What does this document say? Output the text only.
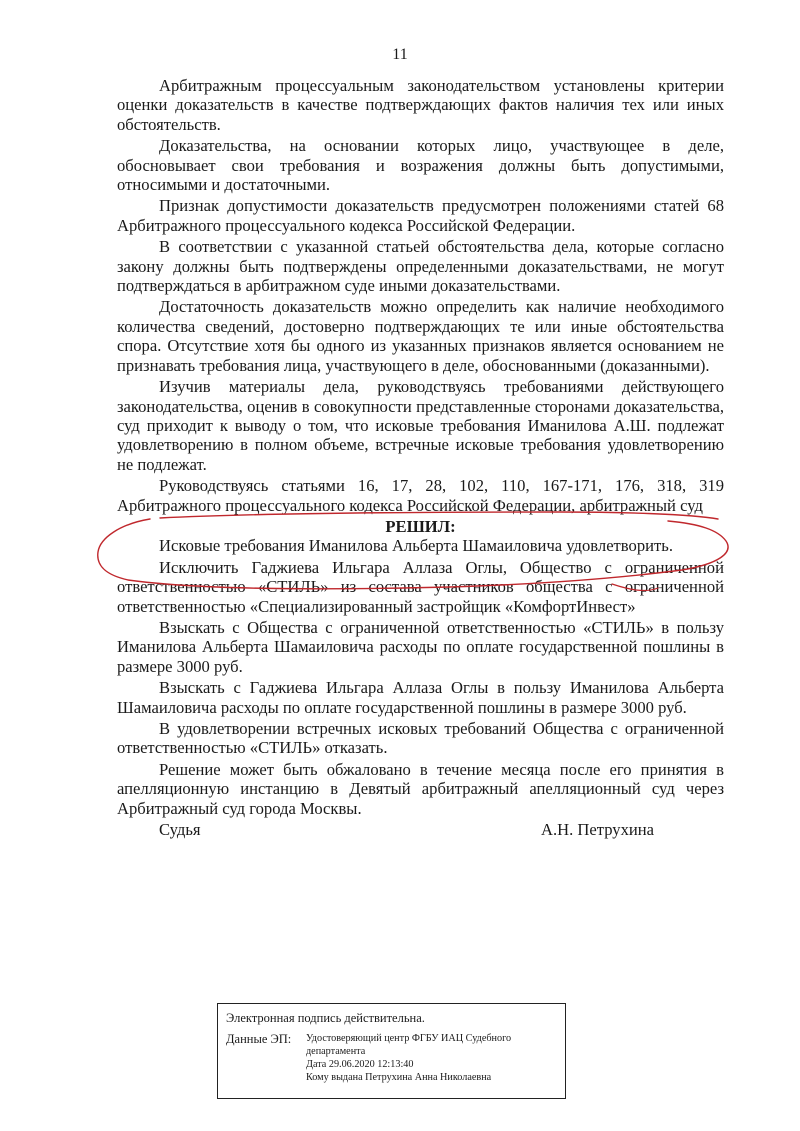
11

Арбитражным процессуальным законодательством установлены критерии оценки доказательств в качестве подтверждающих фактов наличия тех или иных обстоятельств.

Доказательства, на основании которых лицо, участвующее в деле, обосновывает свои требования и возражения должны быть допустимыми, относимыми и достаточными.

Признак допустимости доказательств предусмотрен положениями статей 68 Арбитражного процессуального кодекса Российской Федерации.

В соответствии с указанной статьей обстоятельства дела, которые согласно закону должны быть подтверждены определенными доказательствами, не могут подтверждаться в арбитражном суде иными доказательствами.

Достаточность доказательств можно определить как наличие необходимого количества сведений, достоверно подтверждающих те или иные обстоятельства спора. Отсутствие хотя бы одного из указанных признаков является основанием не признавать требования лица, участвующего в деле, обоснованными (доказанными).

Изучив материалы дела, руководствуясь требованиями действующего законодательства, оценив в совокупности представленные сторонами доказательства, суд приходит к выводу о том, что исковые требования Иманилова А.Ш. подлежат удовлетворению в полном объеме, встречные исковые требования удовлетворению не подлежат.

Руководствуясь статьями 16, 17, 28, 102, 110, 167-171, 176, 318, 319 Арбитражного процессуального кодекса Российской Федерации, арбитражный суд

РЕШИЛ:

Исковые требования Иманилова Альберта Шамаиловича удовлетворить.

Исключить Гаджиева Ильгара Аллаза Оглы, Общество с ограниченной ответственностью «СТИЛЬ» из состава участников общества с ограниченной ответственностью «Специализированный застройщик «КомфортИнвест»

Взыскать с Общества с ограниченной ответственностью «СТИЛЬ» в пользу Иманилова Альберта Шамаиловича расходы по оплате государственной пошлины в размере 3000 руб.

Взыскать с Гаджиева Ильгара Аллаза Оглы в пользу Иманилова Альберта Шамаиловича расходы по оплате государственной пошлины в размере 3000 руб.

В удовлетворении встречных исковых требований Общества с ограниченной ответственностью «СТИЛЬ» отказать.

Решение может быть обжаловано в течение месяца после его принятия в апелляционную инстанцию в Девятый арбитражный апелляционный суд через Арбитражный суд города Москвы.

Судья	А.Н. Петрухина
Электронная подпись действительна.
Данные ЭП: Удостоверяющий центр ФГБУ ИАЦ Судебного
департамента
Дата 29.06.2020 12:13:40
Кому выдана Петрухина Анна Николаевна
